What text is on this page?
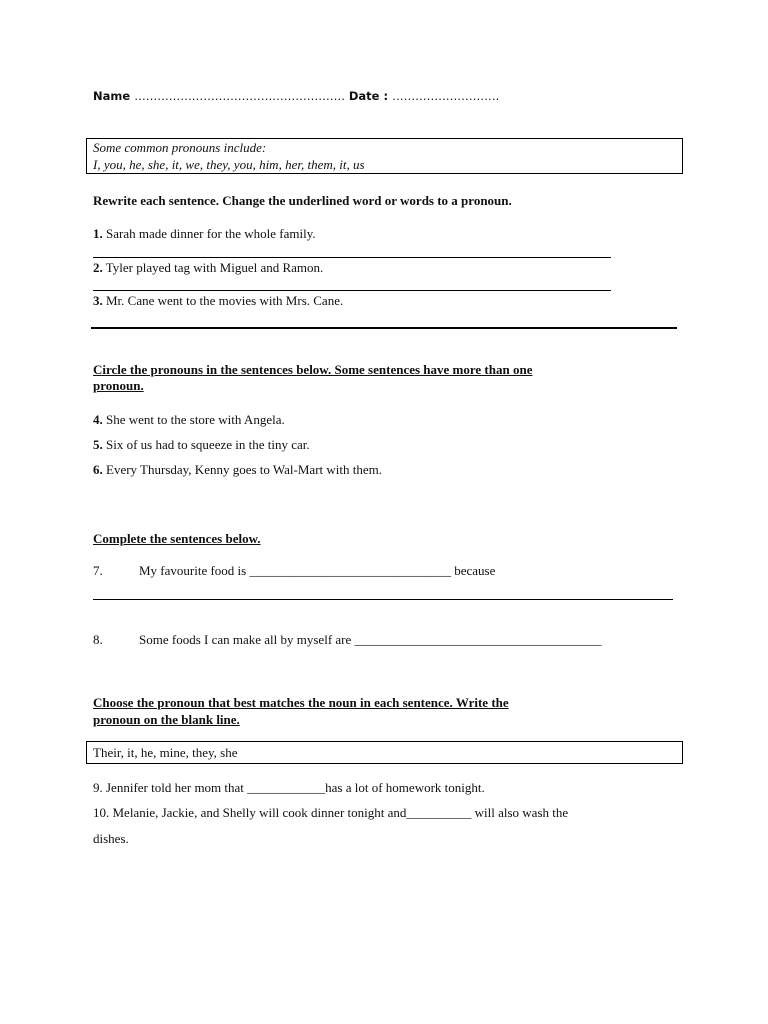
Name ………………………………………………. Date : ……………………….
Some common pronouns include:
I, you, he, she, it, we, they, you, him, her, them, it, us
Rewrite each sentence. Change the underlined word or words to a pronoun.
1. Sarah made dinner for the whole family.
2. Tyler played tag with Miguel and Ramon.
3. Mr. Cane went to the movies with Mrs. Cane.
Circle the pronouns in the sentences below. Some sentences have more than one
pronoun.
4. She went to the store with Angela.
5. Six of us had to squeeze in the tiny car.
6. Every Thursday, Kenny goes to Wal-Mart with them.
Complete the sentences below.
7.	My favourite food is _______________________________ because
8.	Some foods I can make all by myself are ______________________________________
Choose the pronoun that best matches the noun in each sentence. Write the
pronoun on the blank line.
Their, it, he, mine, they, she
9. Jennifer told her mom that ____________has a lot of homework tonight.
10. Melanie, Jackie, and Shelly will cook dinner tonight and__________ will also wash the
dishes.
